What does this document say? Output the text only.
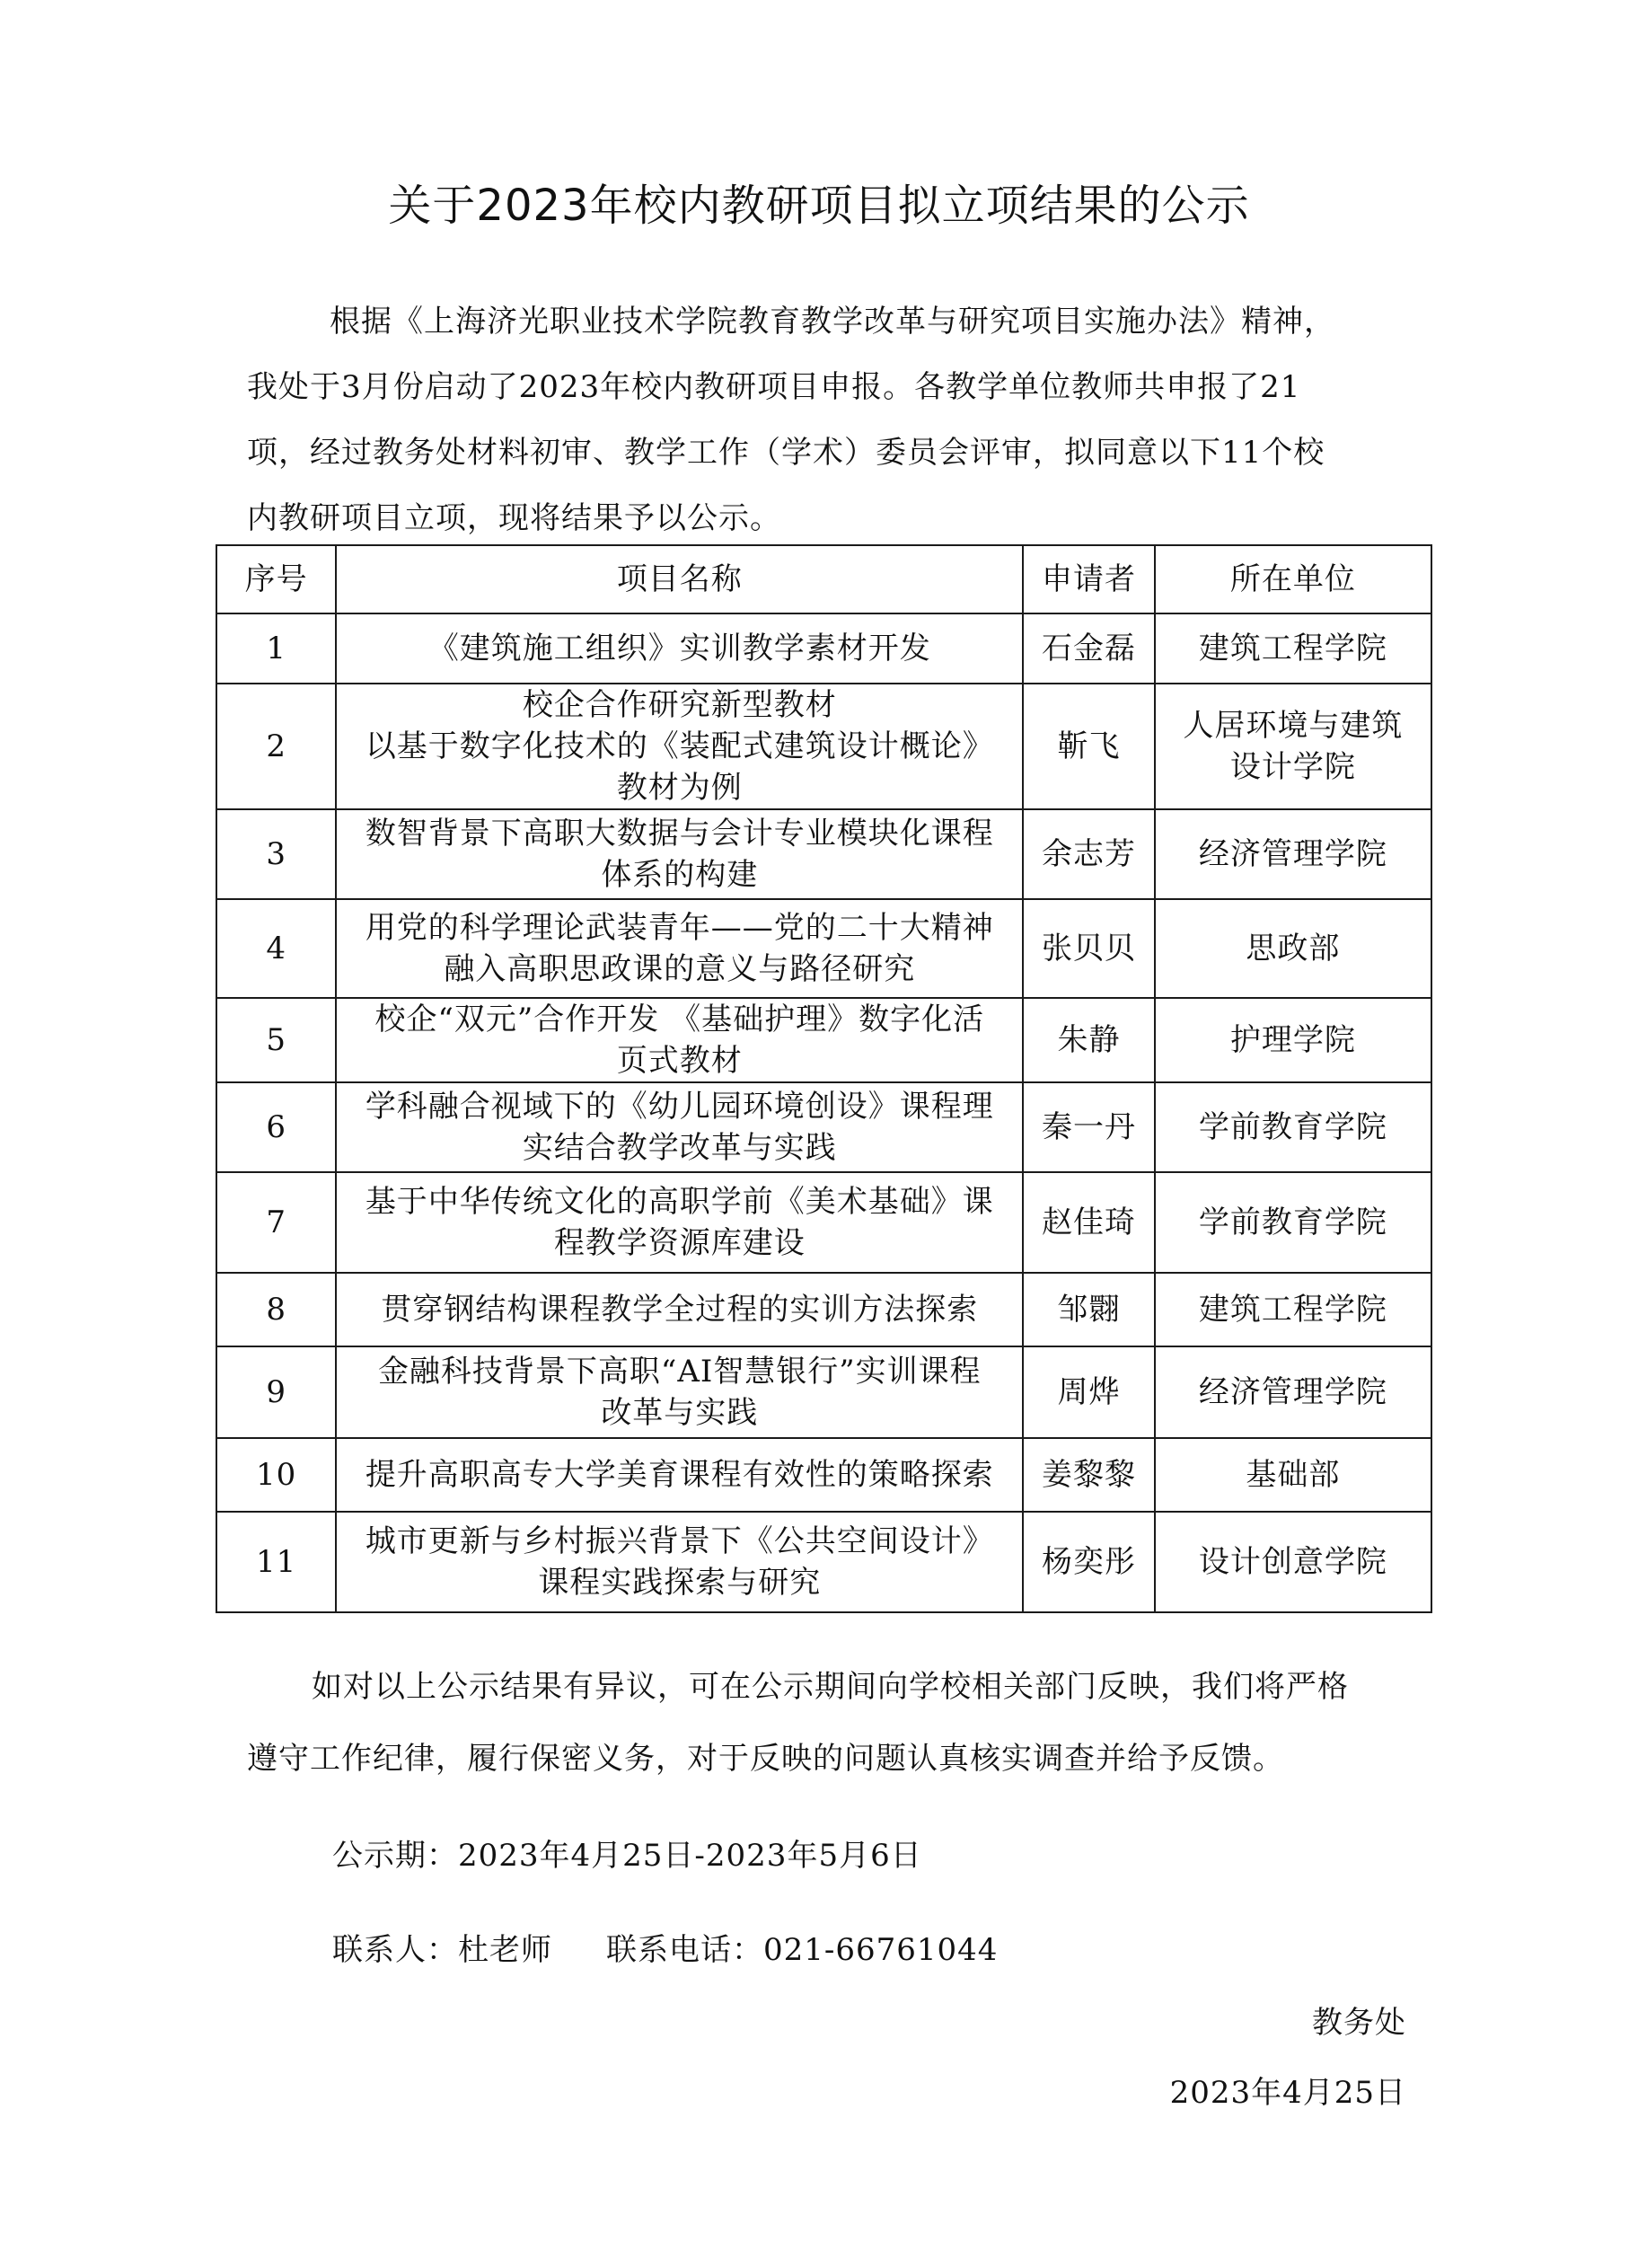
关于2023年校内教研项目拟立项结果的公示

根据《上海济光职业技术学院教育教学改革与研究项目实施办法》精神，
我处于3月份启动了2023年校内教研项目申报。各教学单位教师共申报了21
项，经过教务处材料初审、教学工作（学术）委员会评审，拟同意以下11个校
内教研项目立项，现将结果予以公示。

序号	项目名称	申请者	所在单位
1	《建筑施工组织》实训教学素材开发	石金磊	建筑工程学院

2	校企合作研究新型教材
以基于数字化技术的《装配式建筑设计概论》
教材为例	靳飞	人居环境与建筑
设计学院

3	数智背景下高职大数据与会计专业模块化课程
体系的构建	余志芳	经济管理学院

4	用党的科学理论武装青年——党的二十大精神
融入高职思政课的意义与路径研究	张贝贝	思政部

5	校企“双元”合作开发 《基础护理》数字化活
页式教材	朱静	护理学院

6	学科融合视域下的《幼儿园环境创设》课程理
实结合教学改革与实践	秦一丹	学前教育学院

7	基于中华传统文化的高职学前《美术基础》课
程教学资源库建设	赵佳琦	学前教育学院

8	贯穿钢结构课程教学全过程的实训方法探索	邹翾	建筑工程学院

9	金融科技背景下高职“AI智慧银行”实训课程
改革与实践	周烨	经济管理学院

10	提升高职高专大学美育课程有效性的策略探索	姜黎黎	基础部

11	城市更新与乡村振兴背景下《公共空间设计》
课程实践探索与研究	杨奕彤	设计创意学院

如对以上公示结果有异议，可在公示期间向学校相关部门反映，我们将严格
遵守工作纪律，履行保密义务，对于反映的问题认真核实调查并给予反馈。

公示期：2023年4月25日-2023年5月6日

联系人：杜老师 联系电话：021-66761044

教务处

2023年4月25日
